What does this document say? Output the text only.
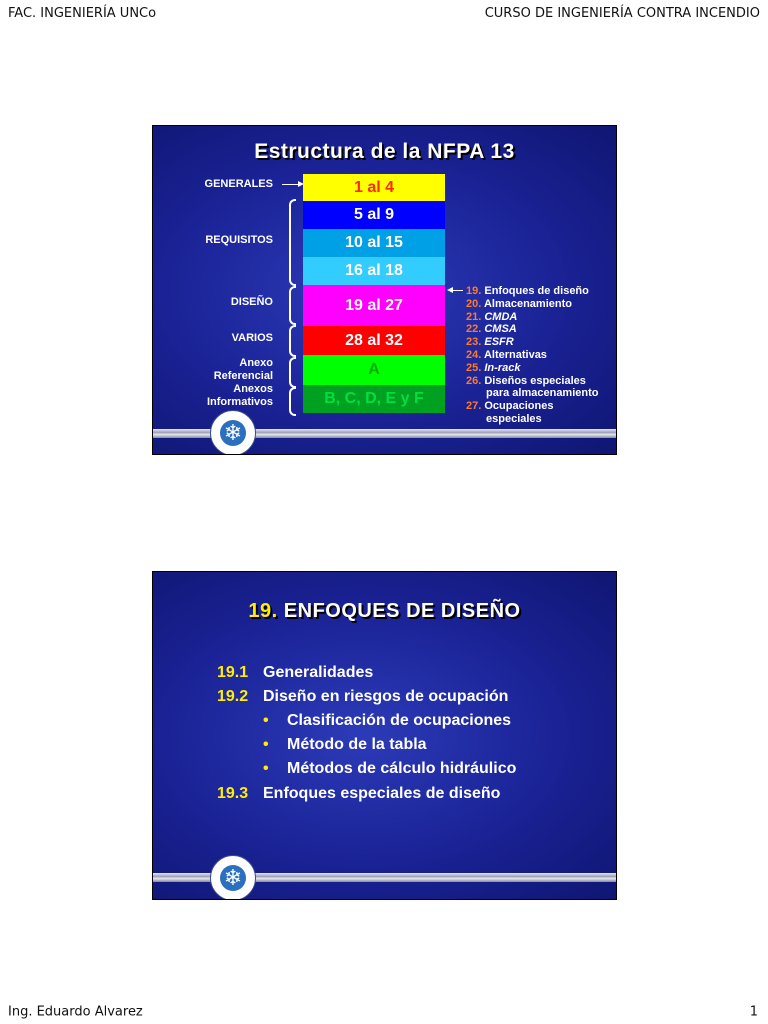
FAC. INGENIERÍA UNCo	CURSO DE INGENIERÍA CONTRA INCENDIO
Estructura de la NFPA 13
GENERALES
REQUISITOS
DISEÑO
VARIOS
Anexo
Referencial
Anexos
Informativos
1 al 4
5 al 9
10 al 15
16 al 18
19 al 27
28 al 32
A
B, C, D, E y F
19. Enfoques de diseño
20. Almacenamiento
21. CMDA
22. CMSA
23. ESFR
24. Alternativas
25. In-rack
26. Diseños especiales
para almacenamiento
27. Ocupaciones
especiales
❄
19. ENFOQUES DE DISEÑO
19.1 Generalidades
19.2 Diseño en riesgos de ocupación
• Clasificación de ocupaciones
• Método de la tabla
• Métodos de cálculo hidráulico
19.3 Enfoques especiales de diseño
❄
Ing. Eduardo Alvarez	1
